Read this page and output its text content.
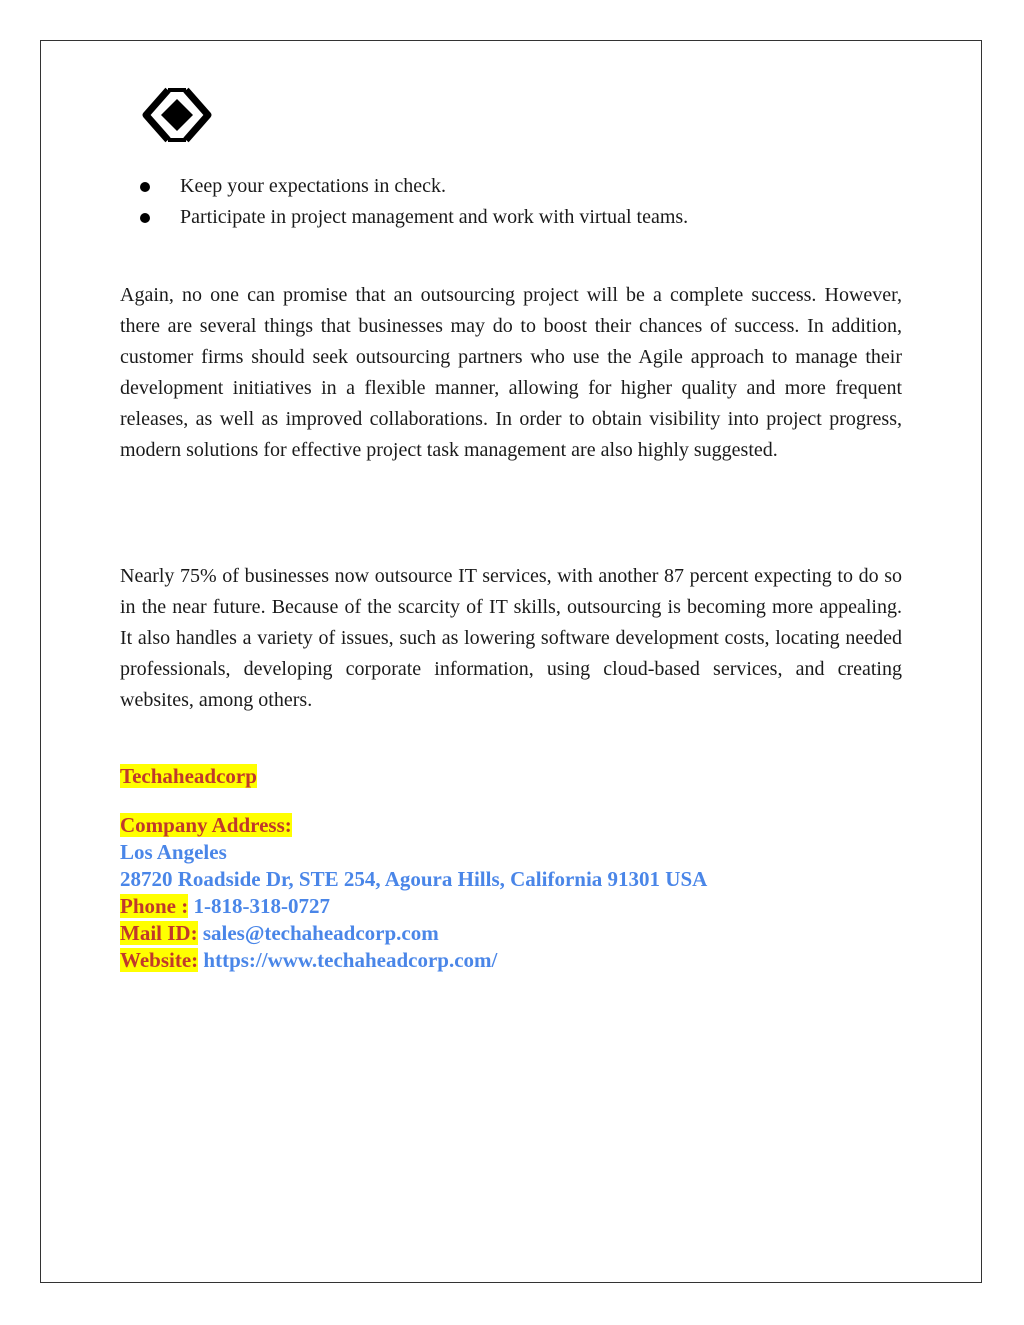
Keep your expectations in check.
Participate in project management and work with virtual teams.

Again, no one can promise that an outsourcing project will be a complete success. However, there are several things that businesses may do to boost their chances of success. In addition, customer firms should seek outsourcing partners who use the Agile approach to manage their development initiatives in a flexible manner, allowing for higher quality and more frequent releases, as well as improved collaborations. In order to obtain visibility into project progress, modern solutions for effective project task management are also highly suggested.

Nearly 75% of businesses now outsource IT services, with another 87 percent expecting to do so in the near future. Because of the scarcity of IT skills, outsourcing is becoming more appealing. It also handles a variety of issues, such as lowering software development costs, locating needed professionals, developing corporate information, using cloud-based services, and creating websites, among others.

Techaheadcorp
Company Address:
Los Angeles
28720 Roadside Dr, STE 254, Agoura Hills, California 91301 USA
Phone : 1-818-318-0727
Mail ID: sales@techaheadcorp.com
Website: https://www.techaheadcorp.com/
